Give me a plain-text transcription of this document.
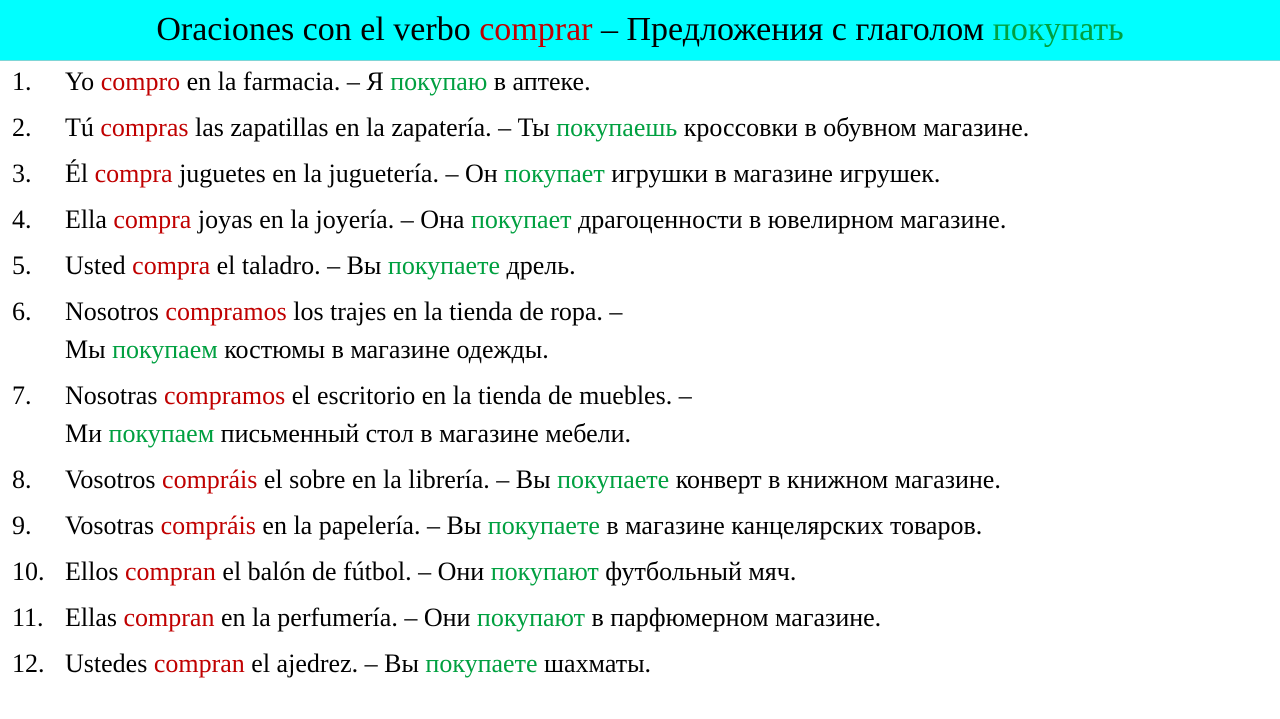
Oraciones con el verbo comprar – Предложения с глаголом покупать
1. Yo compro en la farmacia. – Я покупаю в аптеке.
2. Tú compras las zapatillas en la zapatería. – Ты покупаешь кроссовки в обувном магазине.
3. Él compra juguetes en la juguetería. – Он покупает игрушки в магазине игрушек.
4. Ella compra joyas en la joyería. – Она покупает драгоценности в ювелирном магазине.
5. Usted compra el taladro. – Вы покупаете дрель.
6. Nosotros compramos los trajes en la tienda de ropa. –
Мы покупаем костюмы в магазине одежды.
7. Nosotras compramos el escritorio en la tienda de muebles. –
Ми покупаем письменный стол в магазине мебели.
8. Vosotros compráis el sobre en la librería. – Вы покупаете конверт в книжном магазине.
9. Vosotras compráis en la papelería. – Вы покупаете в магазине канцелярских товаров.
10. Ellos compran el balón de fútbol. – Они покупают футбольный мяч.
11. Ellas compran en la perfumería. – Они покупают в парфюмерном магазине.
12. Ustedes compran el ajedrez. – Вы покупаете шахматы.
